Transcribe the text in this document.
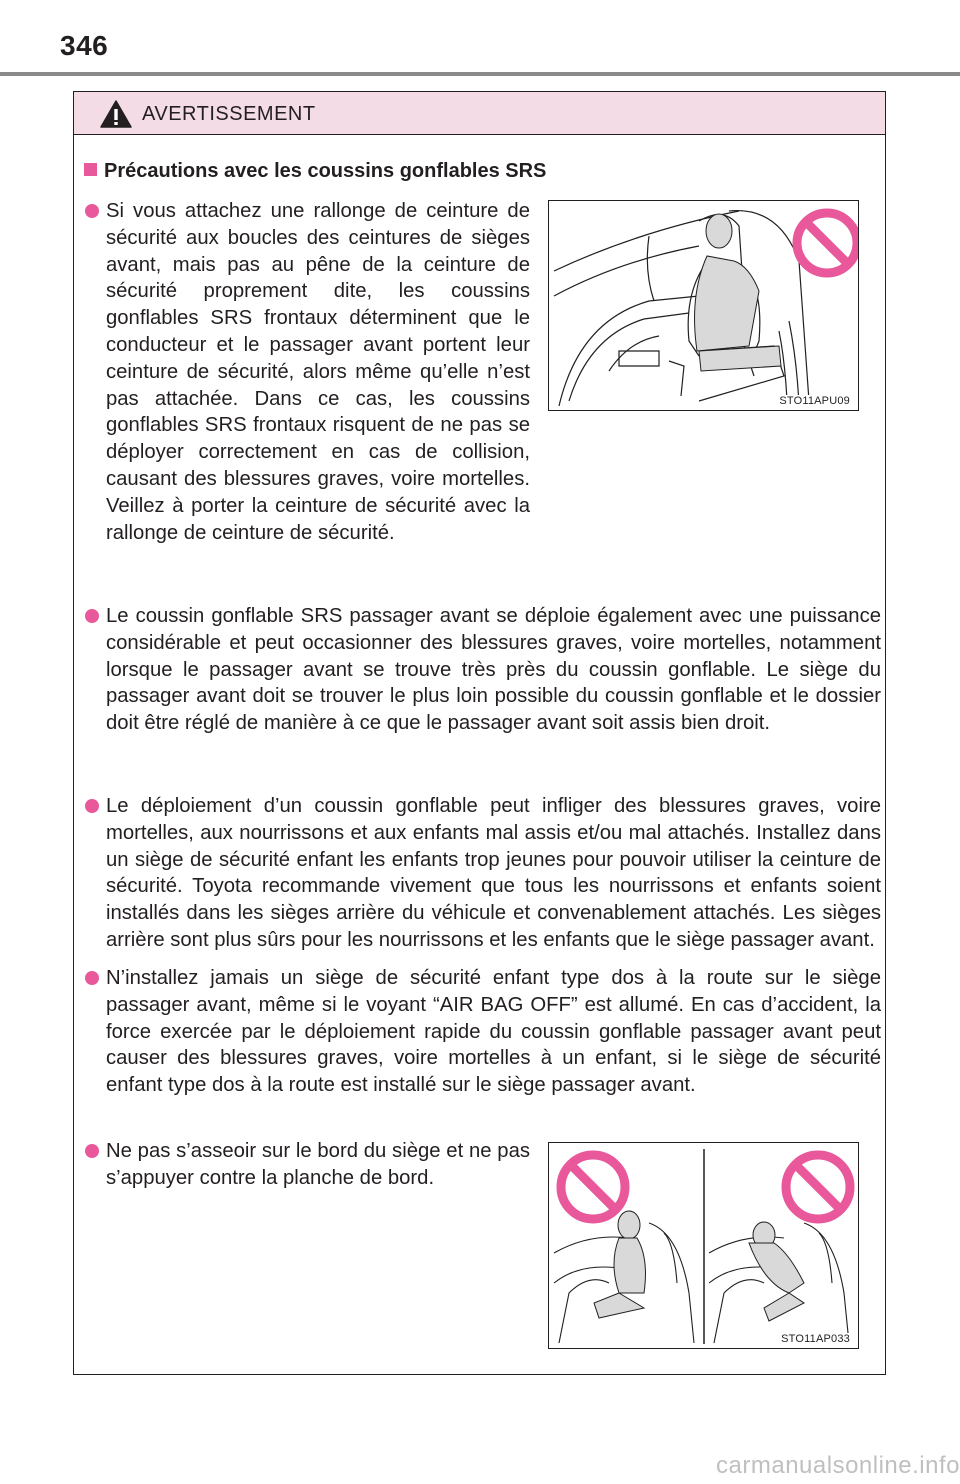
346
AVERTISSEMENT
Précautions avec les coussins gonflables SRS
Si vous attachez une rallonge de ceinture de sécurité aux boucles des ceintures de sièges avant, mais pas au pêne de la ceinture de sécurité proprement dite, les coussins gonflables SRS frontaux déterminent que le conducteur et le passager avant portent leur ceinture de sécurité, alors même qu’elle n’est pas attachée. Dans ce cas, les coussins gonflables SRS frontaux risquent de ne pas se déployer correctement en cas de collision, causant des blessures graves, voire mortelles. Veillez à porter la ceinture de sécurité avec la rallonge de ceinture de sécurité.
STO11APU09
Le coussin gonflable SRS passager avant se déploie également avec une puissance considérable et peut occasionner des blessures graves, voire mortelles, notamment lorsque le passager avant se trouve très près du coussin gonflable. Le siège du passager avant doit se trouver le plus loin possible du coussin gonflable et le dossier doit être réglé de manière à ce que le passager avant soit assis bien droit.
Le déploiement d’un coussin gonflable peut infliger des blessures graves, voire mortelles, aux nourrissons et aux enfants mal assis et/ou mal attachés. Installez dans un siège de sécurité enfant les enfants trop jeunes pour pouvoir utiliser la ceinture de sécurité. Toyota recommande vivement que tous les nourrissons et enfants soient installés dans les sièges arrière du véhicule et convenablement attachés. Les sièges arrière sont plus sûrs pour les nourrissons et les enfants que le siège passager avant.
N’installez jamais un siège de sécurité enfant type dos à la route sur le siège passager avant, même si le voyant “AIR BAG OFF” est allumé. En cas d’accident, la force exercée par le déploiement rapide du coussin gonflable passager avant peut causer des blessures graves, voire mortelles à un enfant, si le siège de sécurité enfant type dos à la route est installé sur le siège passager avant.
Ne pas s’asseoir sur le bord du siège et ne pas s’appuyer contre la planche de bord.
STO11AP033
carmanualsonline.info
